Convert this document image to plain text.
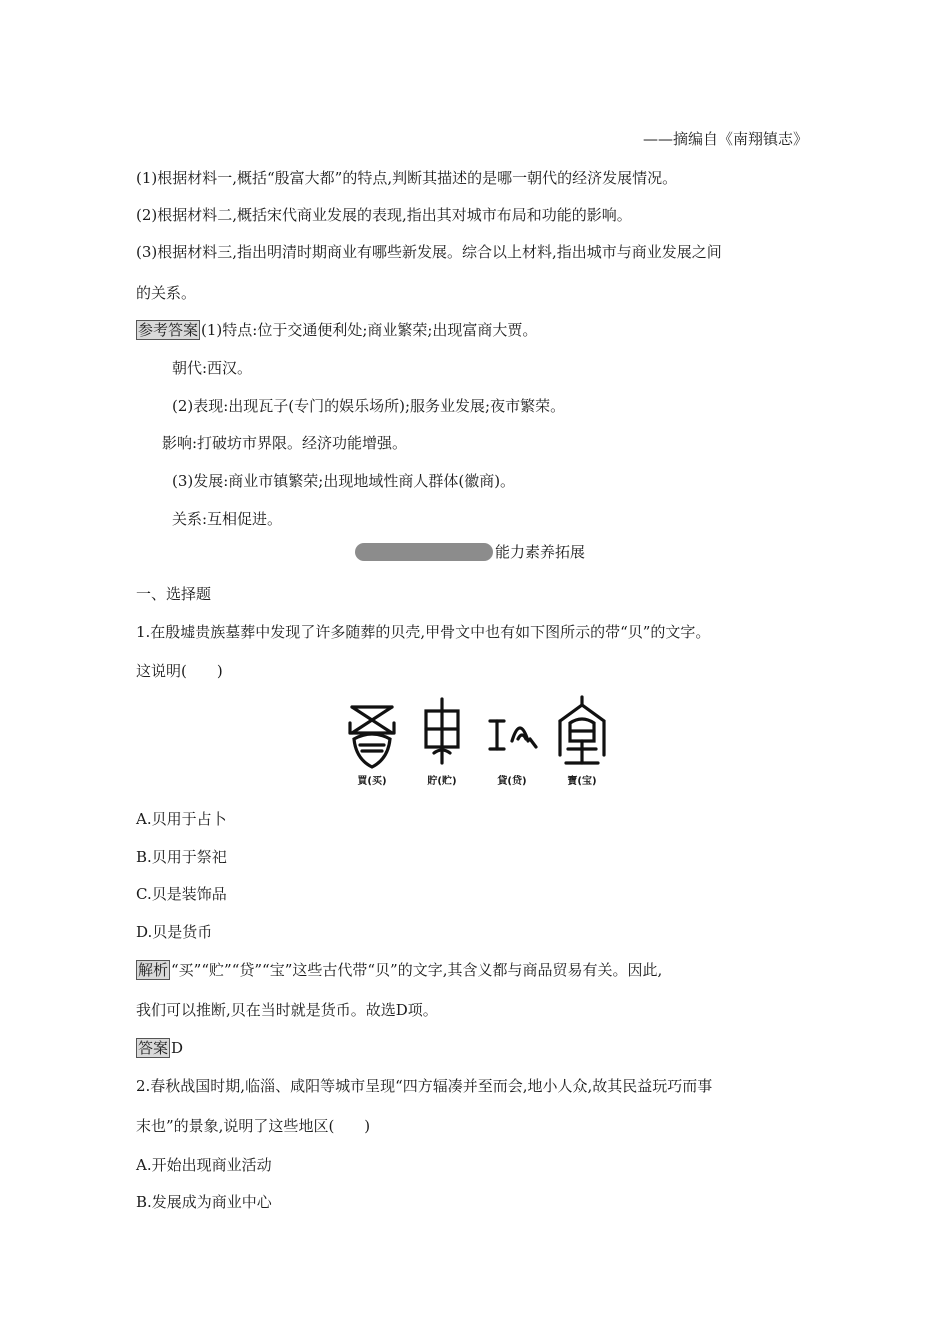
——摘编自《南翔镇志》
(1)根据材料一,概括“殷富大都”的特点,判断其描述的是哪一朝代的经济发展情况。
(2)根据材料二,概括宋代商业发展的表现,指出其对城市布局和功能的影响。
(3)根据材料三,指出明清时期商业有哪些新发展。综合以上材料,指出城市与商业发展之间
的关系。
参考答案 (1)特点:位于交通便利处;商业繁荣;出现富商大贾。
朝代:西汉。
(2)表现:出现瓦子(专门的娱乐场所);服务业发展;夜市繁荣。
影响:打破坊市界限。经济功能增强。
(3)发展:商业市镇繁荣;出现地域性商人群体(徽商)。
关系:互相促进。
能力素养拓展
一、选择题
1.在殷墟贵族墓葬中发现了许多随葬的贝壳,甲骨文中也有如下图所示的带“贝”的文字。
这说明(　　)
買(买)	貯(贮)	貸(贷)	寶(宝)
A.贝用于占卜
B.贝用于祭祀
C.贝是装饰品
D.贝是货币
解析 “买”“贮”“贷”“宝”这些古代带“贝”的文字,其含义都与商品贸易有关。因此,
我们可以推断,贝在当时就是货币。故选D项。
答案 D
2.春秋战国时期,临淄、咸阳等城市呈现“四方辐凑并至而会,地小人众,故其民益玩巧而事
末也”的景象,说明了这些地区(　　)
A.开始出现商业活动
B.发展成为商业中心
